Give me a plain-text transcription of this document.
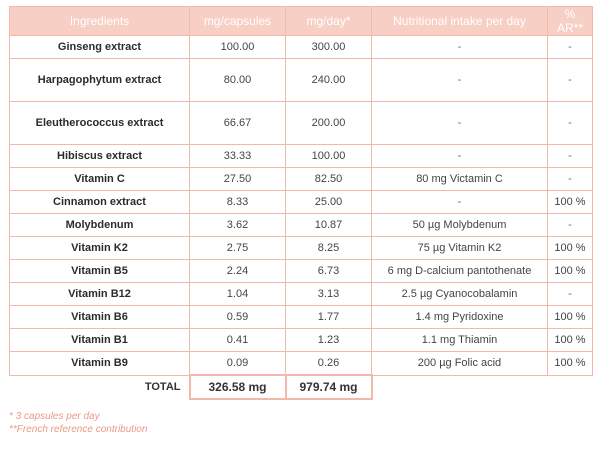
Ingredients	mg/capsules	mg/day*	Nutritional intake per day	% AR**
Ginseng extract	100.00	300.00	-	-
Harpagophytum extract	80.00	240.00	-	-
Eleutherococcus extract	66.67	200.00	-	-
Hibiscus extract	33.33	100.00	-	-
Vitamin C	27.50	82.50	80 mg Victamin C	-
Cinnamon extract	8.33	25.00	-	100 %
Molybdenum	3.62	10.87	50 µg Molybdenum	-
Vitamin K2	2.75	8.25	75 µg Vitamin K2	100 %
Vitamin B5	2.24	6.73	6 mg D-calcium pantothenate	100 %
Vitamin B12	1.04	3.13	2.5 µg Cyanocobalamin	-
Vitamin B6	0.59	1.77	1.4 mg Pyridoxine	100 %
Vitamin B1	0.41	1.23	1.1 mg Thiamin	100 %
Vitamin B9	0.09	0.26	200 µg Folic acid	100 %
TOTAL	326.58 mg	979.74 mg		
* 3 capsules per day
**French reference contribution
